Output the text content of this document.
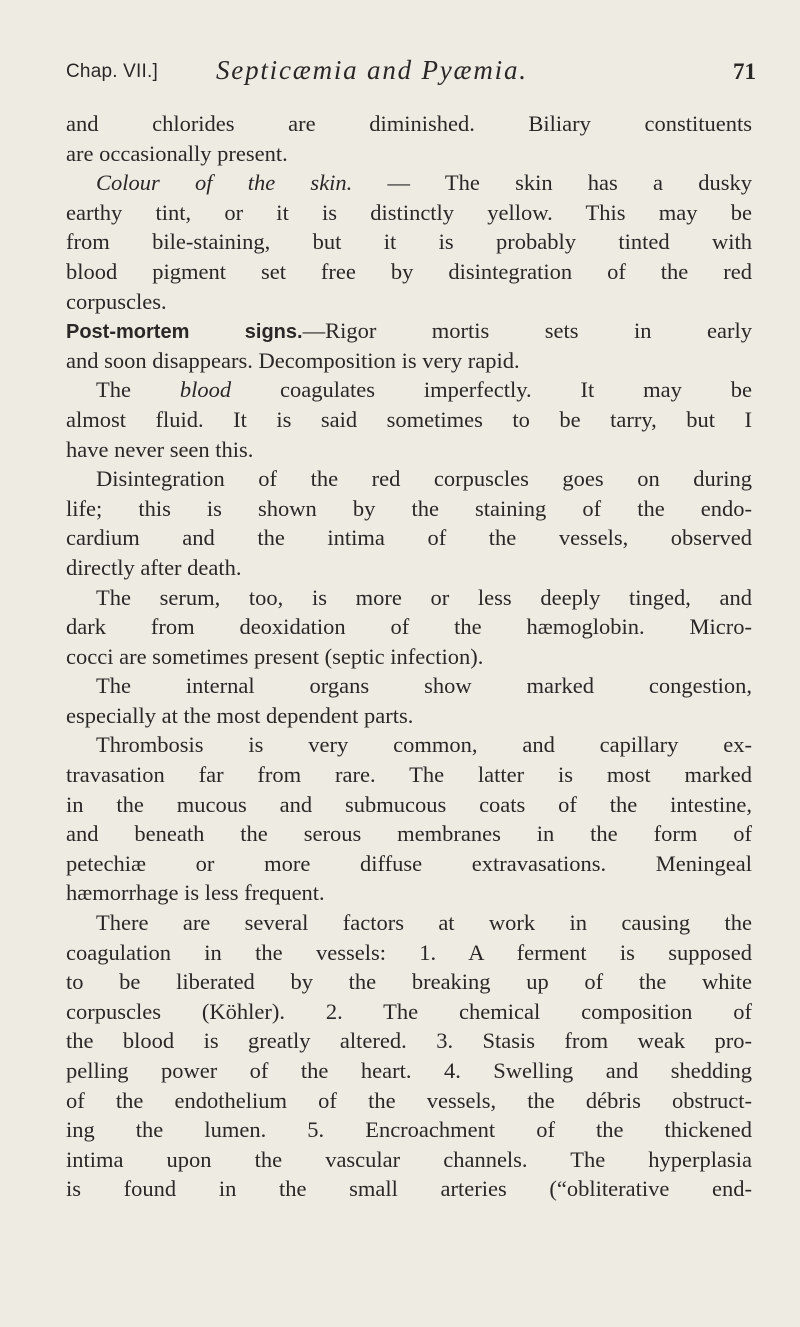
Chap. VII.] Septicæmia and Pyæmia.	71
and chlorides are diminished. Biliary constituents
are occasionally present.
Colour of the skin. — The skin has a dusky
earthy tint, or it is distinctly yellow. This may be
from bile-staining, but it is probably tinted with
blood pigment set free by disintegration of the red
corpuscles.
Post-mortem signs.—Rigor mortis sets in early
and soon disappears. Decomposition is very rapid.
The blood coagulates imperfectly. It may be
almost fluid. It is said sometimes to be tarry, but I
have never seen this.
Disintegration of the red corpuscles goes on during
life; this is shown by the staining of the endo-
cardium and the intima of the vessels, observed
directly after death.
The serum, too, is more or less deeply tinged, and
dark from deoxidation of the hæmoglobin. Micro-
cocci are sometimes present (septic infection).
The internal organs show marked congestion,
especially at the most dependent parts.
Thrombosis is very common, and capillary ex-
travasation far from rare. The latter is most marked
in the mucous and submucous coats of the intestine,
and beneath the serous membranes in the form of
petechiæ or more diffuse extravasations. Meningeal
hæmorrhage is less frequent.
There are several factors at work in causing the
coagulation in the vessels: 1. A ferment is supposed
to be liberated by the breaking up of the white
corpuscles (Köhler). 2. The chemical composition of
the blood is greatly altered. 3. Stasis from weak pro-
pelling power of the heart. 4. Swelling and shedding
of the endothelium of the vessels, the débris obstruct-
ing the lumen. 5. Encroachment of the thickened
intima upon the vascular channels. The hyperplasia
is found in the small arteries (“obliterative end-
